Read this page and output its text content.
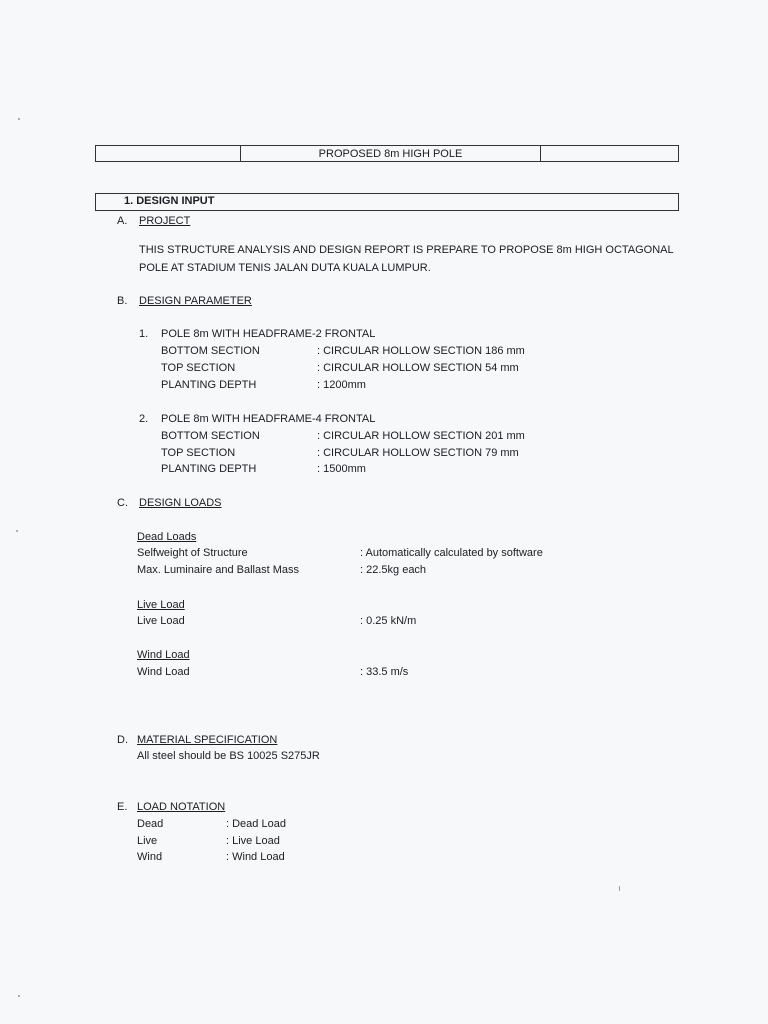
PROPOSED 8m HIGH POLE
1. DESIGN INPUT
A. PROJECT
THIS STRUCTURE ANALYSIS AND DESIGN REPORT IS PREPARE TO PROPOSE 8m HIGH OCTAGONAL
POLE AT STADIUM TENIS JALAN DUTA KUALA LUMPUR.
B. DESIGN PARAMETER
1. POLE 8m WITH HEADFRAME-2 FRONTAL
BOTTOM SECTION	: CIRCULAR HOLLOW SECTION 186 mm
TOP SECTION	: CIRCULAR HOLLOW SECTION 54 mm
PLANTING DEPTH	: 1200mm
2. POLE 8m WITH HEADFRAME-4 FRONTAL
BOTTOM SECTION	: CIRCULAR HOLLOW SECTION 201 mm
TOP SECTION	: CIRCULAR HOLLOW SECTION 79 mm
PLANTING DEPTH	: 1500mm
C. DESIGN LOADS
Dead Loads
Selfweight of Structure	: Automatically calculated by software
Max. Luminaire and Ballast Mass	: 22.5kg each
Live Load
Live Load	: 0.25 kN/m
Wind Load
Wind Load	: 33.5 m/s
D. MATERIAL SPECIFICATION
All steel should be BS 10025 S275JR
E. LOAD NOTATION
Dead	: Dead Load
Live	: Live Load
Wind	: Wind Load
